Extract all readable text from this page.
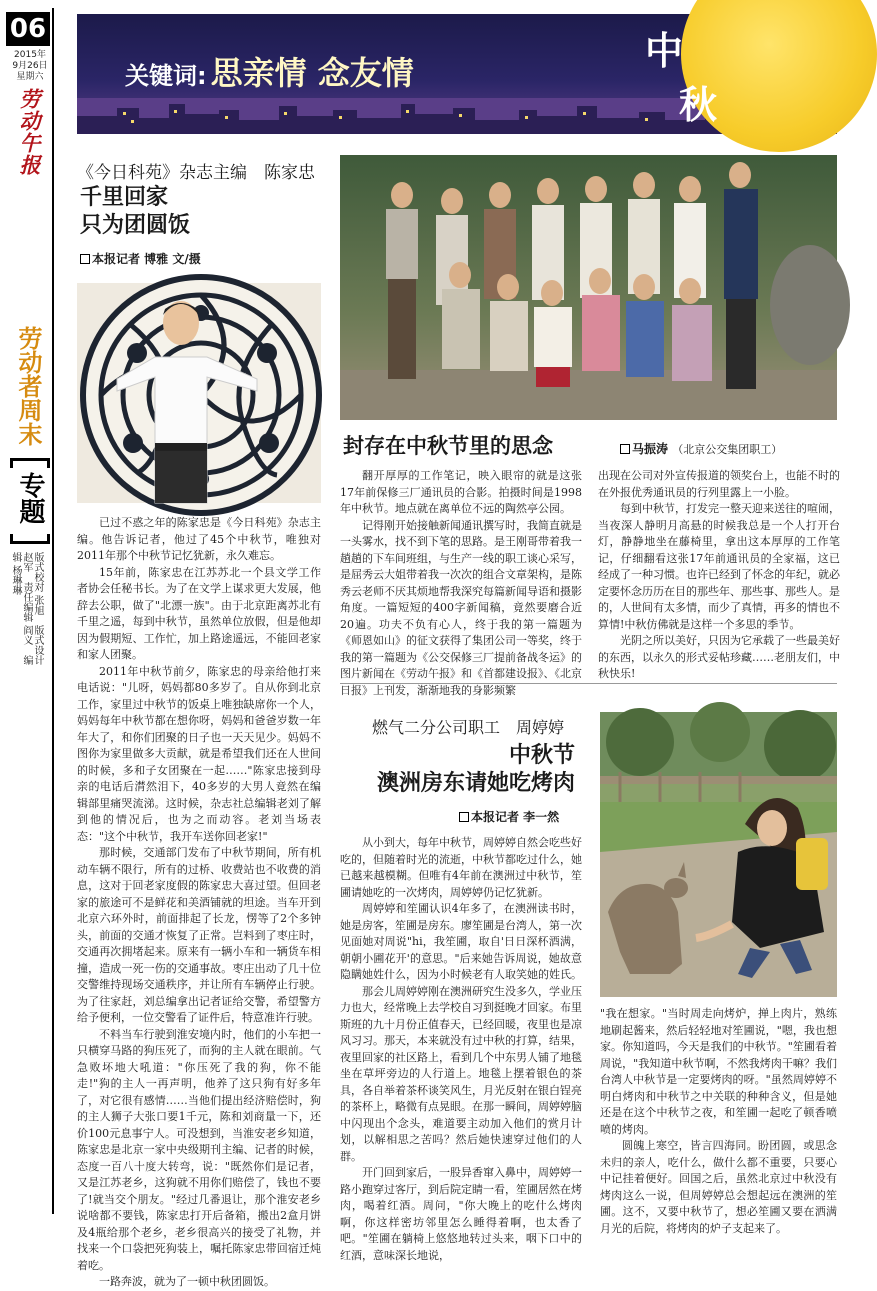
06
2015年
9月26日
星期六
劳动午报
劳动者周末
专题
版式校对 张旭　版式设计 赵军　责任编辑 阎义　编辑 杨琳琳
中
秋
关键词: 思亲情 念友情
《今日科苑》杂志主编　陈家忠
千里回家
只为团圆饭
本报记者 博雅 文/摄

已过不惑之年的陈家忠是《今日科苑》杂志主编。他告诉记者，他过了45个中秋节，唯独对2011年那个中秋节记忆犹新，永久难忘。

15年前，陈家忠在江苏苏北一个县文学工作者协会任秘书长。为了在文学上谋求更大发展，他辞去公职，做了"北漂一族"。由于北京距离苏北有千里之遥，每到中秋节，虽然单位放假，但是他却因为假期短、工作忙，加上路途遥远，不能回老家和家人团聚。

2011年中秋节前夕，陈家忠的母亲给他打来电话说："儿呀，妈妈都80多岁了。自从你到北京工作，家里过中秋节的饭桌上唯独缺席你一个人，妈妈每年中秋节都在想你呀，妈妈和爸爸岁数一年年大了，和你们团聚的日子也一天天见少。妈妈不图你为家里做多大贡献，就是希望我们还在人世间的时候，多和子女团聚在一起……"陈家忠接到母亲的电话后潸然泪下，40多岁的大男人竟然在编辑部里痛哭流涕。这时候，杂志社总编辑老刘了解到他的情况后，也为之而动容。老刘当场表态："这个中秋节，我开车送你回老家!"

那时候，交通部门发布了中秋节期间，所有机动车辆不限行，所有的过桥、收费站也不收费的消息，这对于回老家度假的陈家忠大喜过望。但回老家的旅途可不是鲜花和美酒铺就的坦途。当车开到北京六环外时，前面排起了长龙，愣等了2个多钟头，前面的交通才恢复了正常。岂料到了枣庄时，交通再次拥堵起来。原来有一辆小车和一辆货车相撞，造成一死一伤的交通事故。枣庄出动了几十位交警维持现场交通秩序，并让所有车辆停止行驶。为了往家赶，刘总编拿出记者证给交警，希望警方给予便利，一位交警看了证件后，特意准许行驶。

不料当车行驶到淮安境内时，他们的小车把一只横穿马路的狗压死了，而狗的主人就在眼前。气急败坏地大吼道："你压死了我的狗，你不能走!"狗的主人一再声明，他养了这只狗有好多年了，对它很有感情……当他们提出经济赔偿时，狗的主人狮子大张口要1千元，陈和刘商量一下，还价100元息事宁人。可没想到，当淮安老乡知道，陈家忠是北京一家中央级期刊主编、记者的时候，态度一百八十度大转弯，说："既然你们是记者，又是江苏老乡，这狗就不用你们赔偿了，钱也不要了!就当交个朋友。"经过几番退让，那个淮安老乡说啥都不要钱，陈家忠打开后备箱，搬出2盒月饼及4瓶给那个老乡，老乡很高兴的接受了礼物，并找来一个口袋把死狗装上，嘱托陈家忠带回宿迁炖着吃。

一路奔波，就为了一顿中秋团圆饭。

封存在中秋节里的思念	马振涛 （北京公交集团职工）

翻开厚厚的工作笔记，映入眼帘的就是这张17年前保修三厂通讯员的合影。拍摄时间是1998年中秋节。地点就在离单位不远的陶然亭公园。

记得刚开始接触新闻通讯撰写时，我简直就是一头雾水，找不到下笔的思路。是王刚哥带着我一趟趟的下车间班组，与生产一线的职工谈心采写，是屈秀云大姐带着我一次次的组合文章架构，是陈秀云老师不厌其烦地帮我深究每篇新闻导语和摄影角度。一篇短短的400字新闻稿，竟然要磨合近20遍。功夫不负有心人，终于我的第一篇题为《师恩如山》的征文获得了集团公司一等奖，终于我的第一篇题为《公交保修三厂提前备战冬运》的图片新闻在《劳动午报》和《首都建设报》、《北京日报》上刊发，渐渐地我的身影频繁

出现在公司对外宣传报道的领奖台上，也能不时的在外报优秀通讯员的行列里露上一小脸。

每到中秋节，打发完一整天迎来送往的喧闹，当夜深人静明月高悬的时候我总是一个人打开台灯，静静地坐在藤椅里，拿出这本厚厚的工作笔记，仔细翻看这张17年前通讯员的全家福，这已经成了一种习惯。也许已经到了怀念的年纪，就必定要怀念历历在目的那些年、那些事、那些人。是的，人世间有太多情，而少了真情，再多的情也不算情!中秋仿佛就是这样一个多思的季节。

光阴之所以美好，只因为它承载了一些最美好的东西，以永久的形式妥帖珍藏……老朋友们，中秋快乐!

燃气二分公司职工　周婷婷
中秋节
澳洲房东请她吃烤肉
本报记者 李一然

从小到大，每年中秋节，周婷婷自然会吃些好吃的，但随着时光的流逝，中秋节都吃过什么，她已越来越模糊。但唯有4年前在澳洲过中秋节，笙圃请她吃的一次烤肉，周婷婷仍记忆犹新。

周婷婷和笙圃认识4年多了，在澳洲读书时，她是房客，笙圃是房东。廖笙圃是台湾人，第一次见面她对周说"hi，我笙圃，取自'日日深杯酒满，朝朝小圃花开'的意思。"后来她告诉周说，她故意隐瞒她姓什么，因为小时候老有人取笑她的姓氏。

那会儿周婷婷刚在澳洲研究生没多久，学业压力也大，经常晚上去学校自习到挺晚才回家。布里斯班的九十月份正值春天，已经回暖，夜里也是凉风习习。那天，本来就没有过中秋的打算，结果，夜里回家的社区路上，看到几个中东男人铺了地毯坐在草坪旁边的人行道上。地毯上摆着银色的茶具，各自举着茶杯谈笑风生，月光反射在银白锃亮的茶杯上，略微有点晃眼。在那一瞬间，周婷婷脑中闪现出个念头，难道要主动加入他们的赏月计划，以解相思之苦吗？然后她快速穿过他们的人群。

开门回到家后，一股异香窜入鼻中，周婷婷一路小跑穿过客厅，到后院定睛一看，笙圃居然在烤肉，喝着红酒。周问，"你大晚上的吃什么烤肉啊，你这样密坊邻里怎么睡得着啊，也太香了吧。"笙圃在躺椅上悠悠地转过头来，咽下口中的红酒，意味深长地说，

"我在想家。"当时周走向烤炉，掸上肉片，熟练地刷起酱来，然后轻轻地对笙圃说，"嗯，我也想家。你知道吗，今天是我们的中秋节。"笙圃看着周说，"我知道中秋节啊，不然我烤肉干嘛？我们台湾人中秋节是一定要烤肉的呀。"虽然周婷婷不明白烤肉和中秋节之中关联的种种含义，但是她还是在这个中秋节之夜，和笙圃一起吃了顿香喷喷的烤肉。

圆魄上寒空，皆言四海同。盼团圆，或思念未归的亲人，吃什么，做什么都不重要，只要心中记挂着便好。回国之后，虽然北京过中秋没有烤肉这么一说，但周婷婷总会想起远在澳洲的笙圃。这不，又要中秋节了，想必笙圃又要在洒满月光的后院，将烤肉的炉子支起来了。
